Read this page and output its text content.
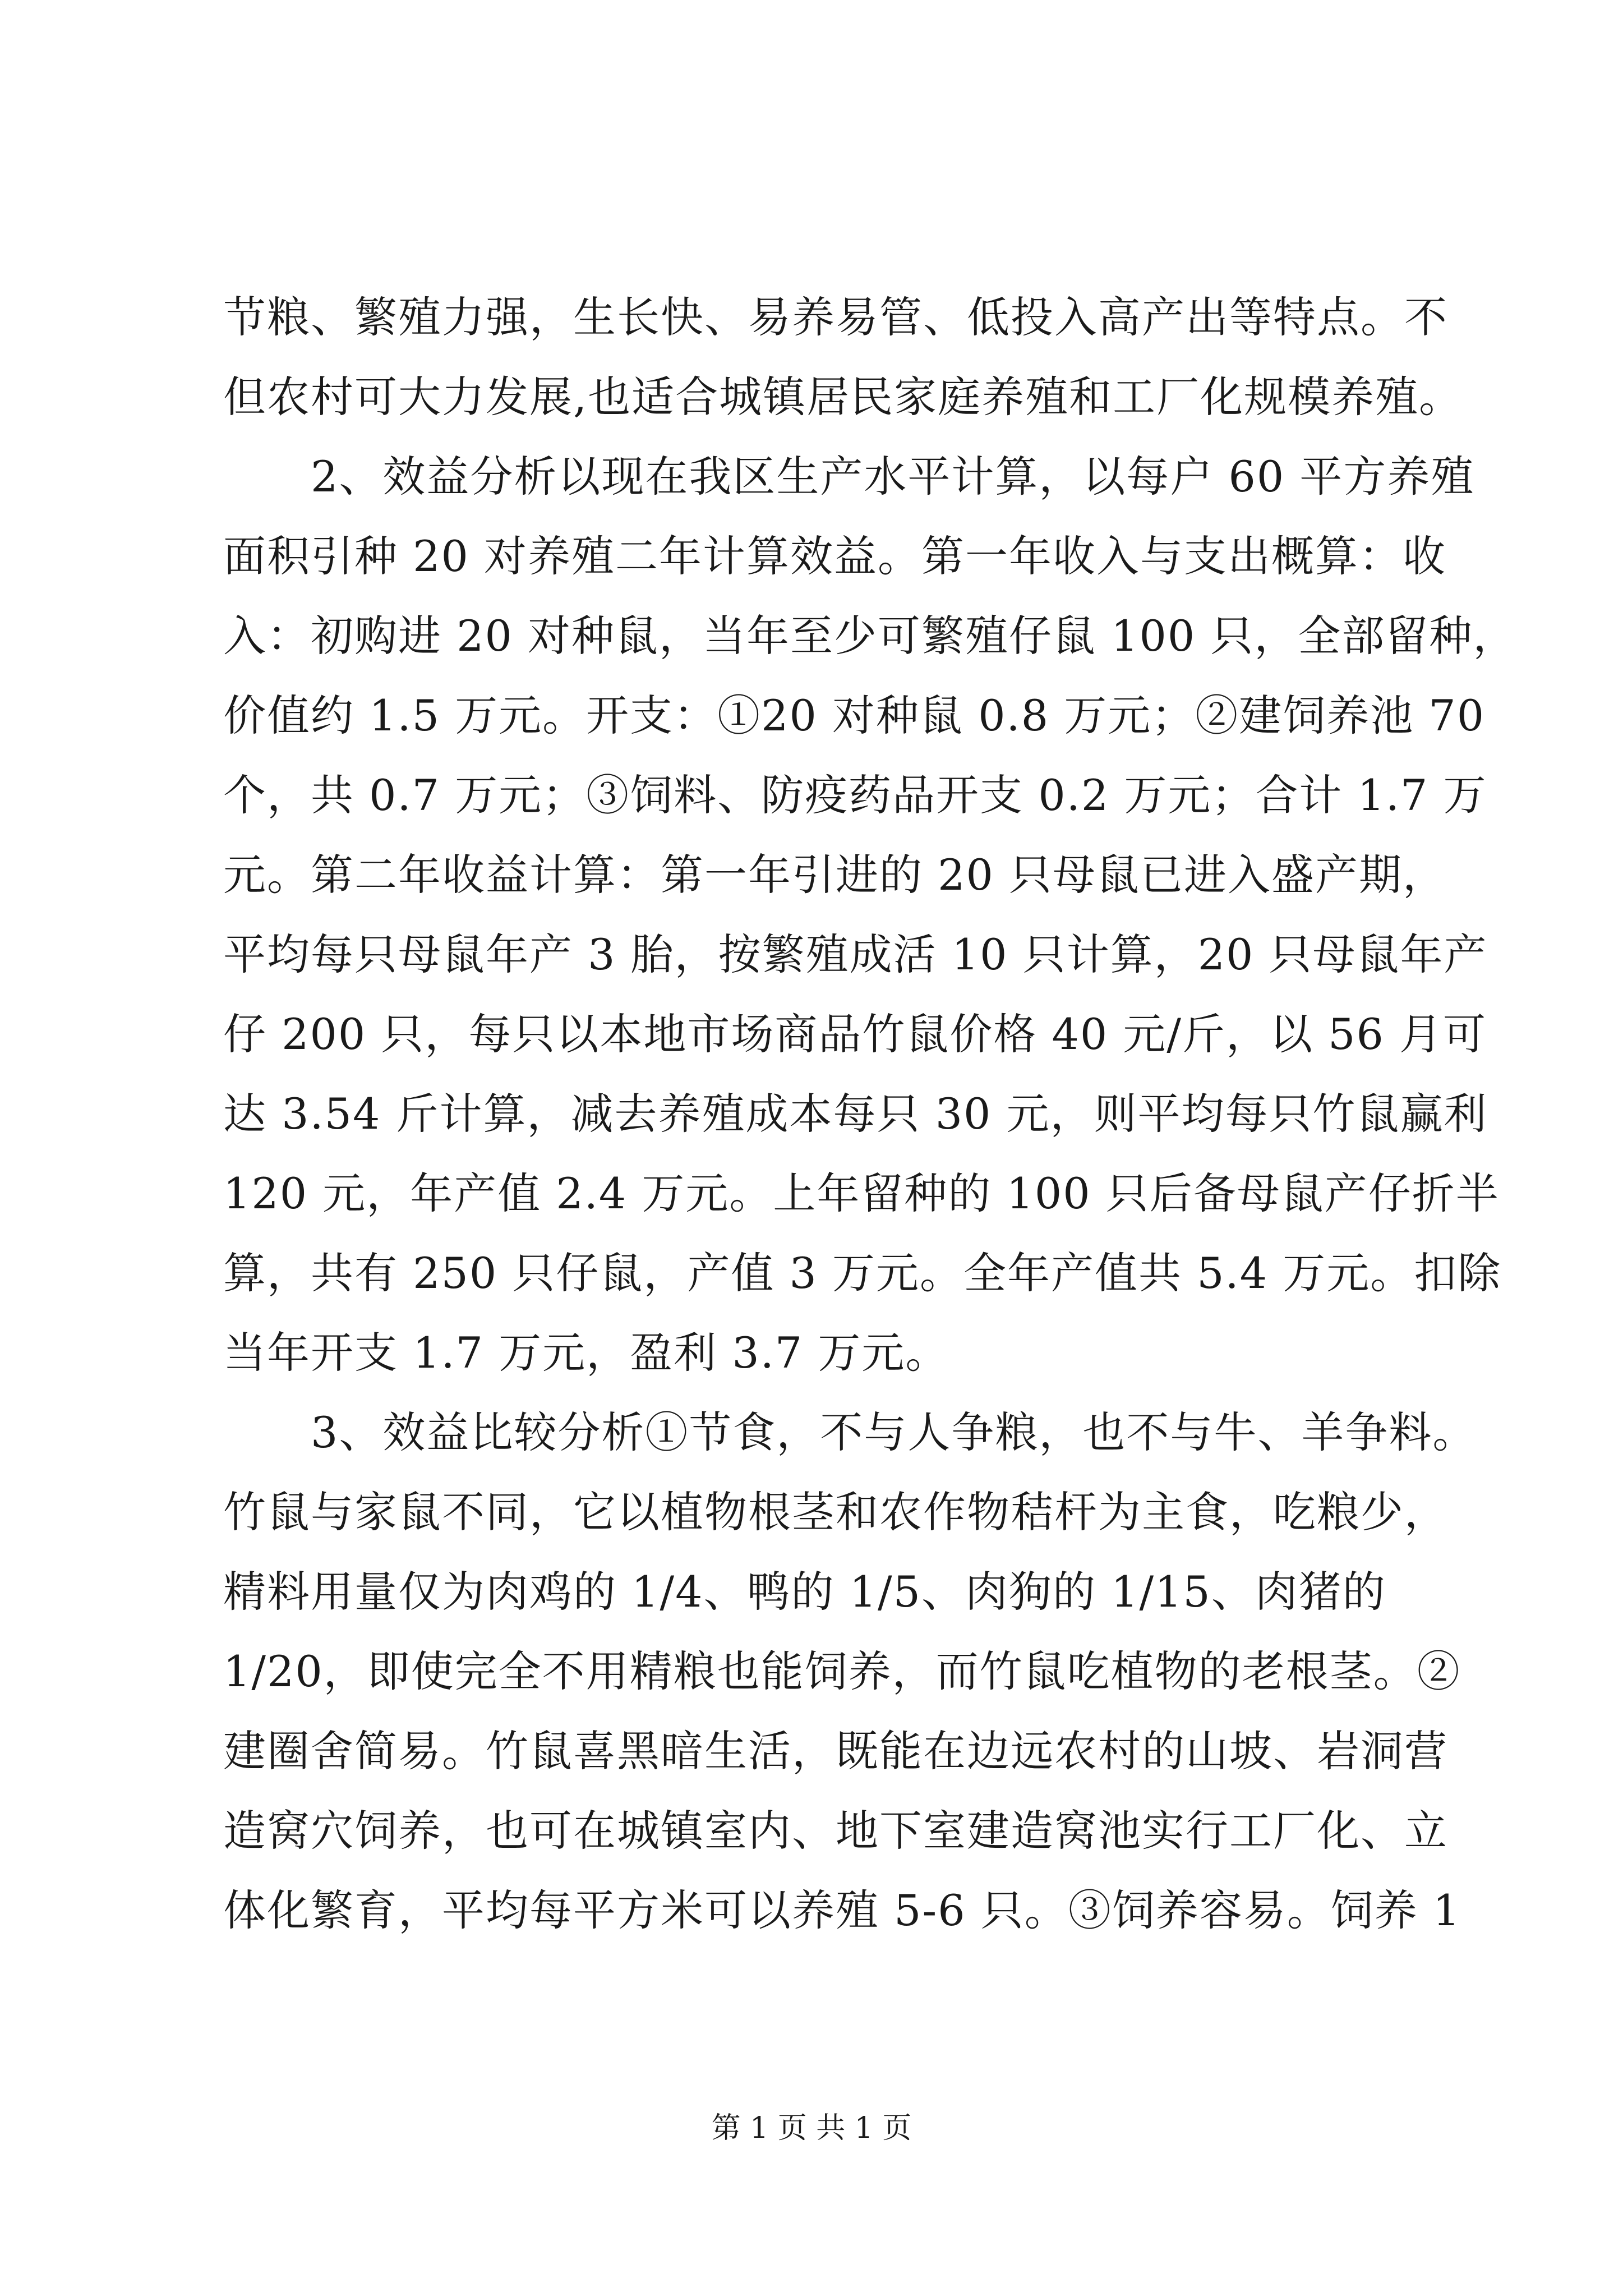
节粮、繁殖力强，生长快、易养易管、低投入高产出等特点。不
但农村可大力发展,也适合城镇居民家庭养殖和工厂化规模养殖。
　　2、效益分析以现在我区生产水平计算，以每户 60 平方养殖
面积引种 20 对养殖二年计算效益。第一年收入与支出概算：收
入：初购进 20 对种鼠，当年至少可繁殖仔鼠 100 只，全部留种，
价值约 1.5 万元。开支：①20 对种鼠 0.8 万元；②建饲养池 70
个，共 0.7 万元；③饲料、防疫药品开支 0.2 万元；合计 1.7 万
元。第二年收益计算：第一年引进的 20 只母鼠已进入盛产期，
平均每只母鼠年产 3 胎，按繁殖成活 10 只计算，20 只母鼠年产
仔 200 只，每只以本地市场商品竹鼠价格 40 元/斤，以 56 月可
达 3.54 斤计算，减去养殖成本每只 30 元，则平均每只竹鼠赢利
120 元，年产值 2.4 万元。上年留种的 100 只后备母鼠产仔折半
算，共有 250 只仔鼠，产值 3 万元。全年产值共 5.4 万元。扣除
当年开支 1.7 万元，盈利 3.7 万元。
　　3、效益比较分析①节食，不与人争粮，也不与牛、羊争料。
竹鼠与家鼠不同，它以植物根茎和农作物秸杆为主食，吃粮少，
精料用量仅为肉鸡的 1/4、鸭的 1/5、肉狗的 1/15、肉猪的
1/20，即使完全不用精粮也能饲养，而竹鼠吃植物的老根茎。②
建圈舍简易。竹鼠喜黑暗生活，既能在边远农村的山坡、岩洞营
造窝穴饲养，也可在城镇室内、地下室建造窝池实行工厂化、立
体化繁育，平均每平方米可以养殖 5-6 只。③饲养容易。饲养 1
第 1 页 共 1 页
